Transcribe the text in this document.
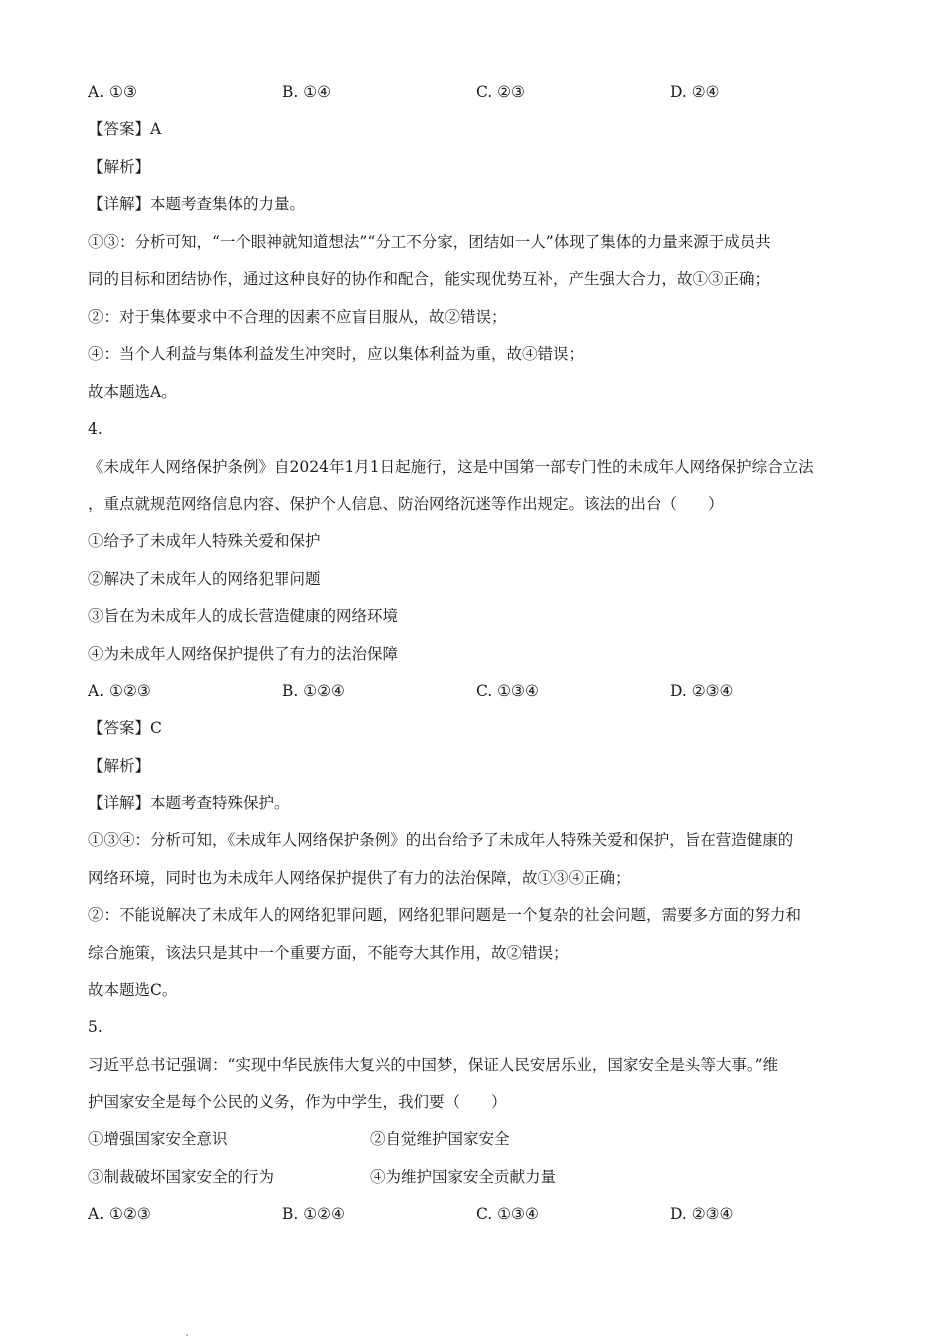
A. ①③	B. ①④	C. ②③	D. ②④
【答案】A
【解析】
【详解】本题考查集体的力量。
①③：分析可知，“一个眼神就知道想法”“分工不分家，团结如一人”体现了集体的力量来源于成员共
同的目标和团结协作，通过这种良好的协作和配合，能实现优势互补，产生强大合力，故①③正确；
②：对于集体要求中不合理的因素不应盲目服从，故②错误；
④：当个人利益与集体利益发生冲突时，应以集体利益为重，故④错误；
故本题选A。
4.
《未成年人网络保护条例》自2024年1月1日起施行，这是中国第一部专门性的未成年人网络保护综合立法
，重点就规范网络信息内容、保护个人信息、防治网络沉迷等作出规定。该法的出台（　　）
①给予了未成年人特殊关爱和保护
②解决了未成年人的网络犯罪问题
③旨在为未成年人的成长营造健康的网络环境
④为未成年人网络保护提供了有力的法治保障
A. ①②③	B. ①②④	C. ①③④	D. ②③④
【答案】C
【解析】
【详解】本题考查特殊保护。
①③④：分析可知，《未成年人网络保护条例》的出台给予了未成年人特殊关爱和保护，旨在营造健康的
网络环境，同时也为未成年人网络保护提供了有力的法治保障，故①③④正确；
②：不能说解决了未成年人的网络犯罪问题，网络犯罪问题是一个复杂的社会问题，需要多方面的努力和
综合施策，该法只是其中一个重要方面，不能夸大其作用，故②错误；
故本题选C。
5.
习近平总书记强调：“实现中华民族伟大复兴的中国梦，保证人民安居乐业，国家安全是头等大事。”维
护国家安全是每个公民的义务，作为中学生，我们要（　　）
①增强国家安全意识	②自觉维护国家安全
③制裁破坏国家安全的行为	④为维护国家安全贡献力量
A. ①②③	B. ①②④	C. ①③④	D. ②③④
